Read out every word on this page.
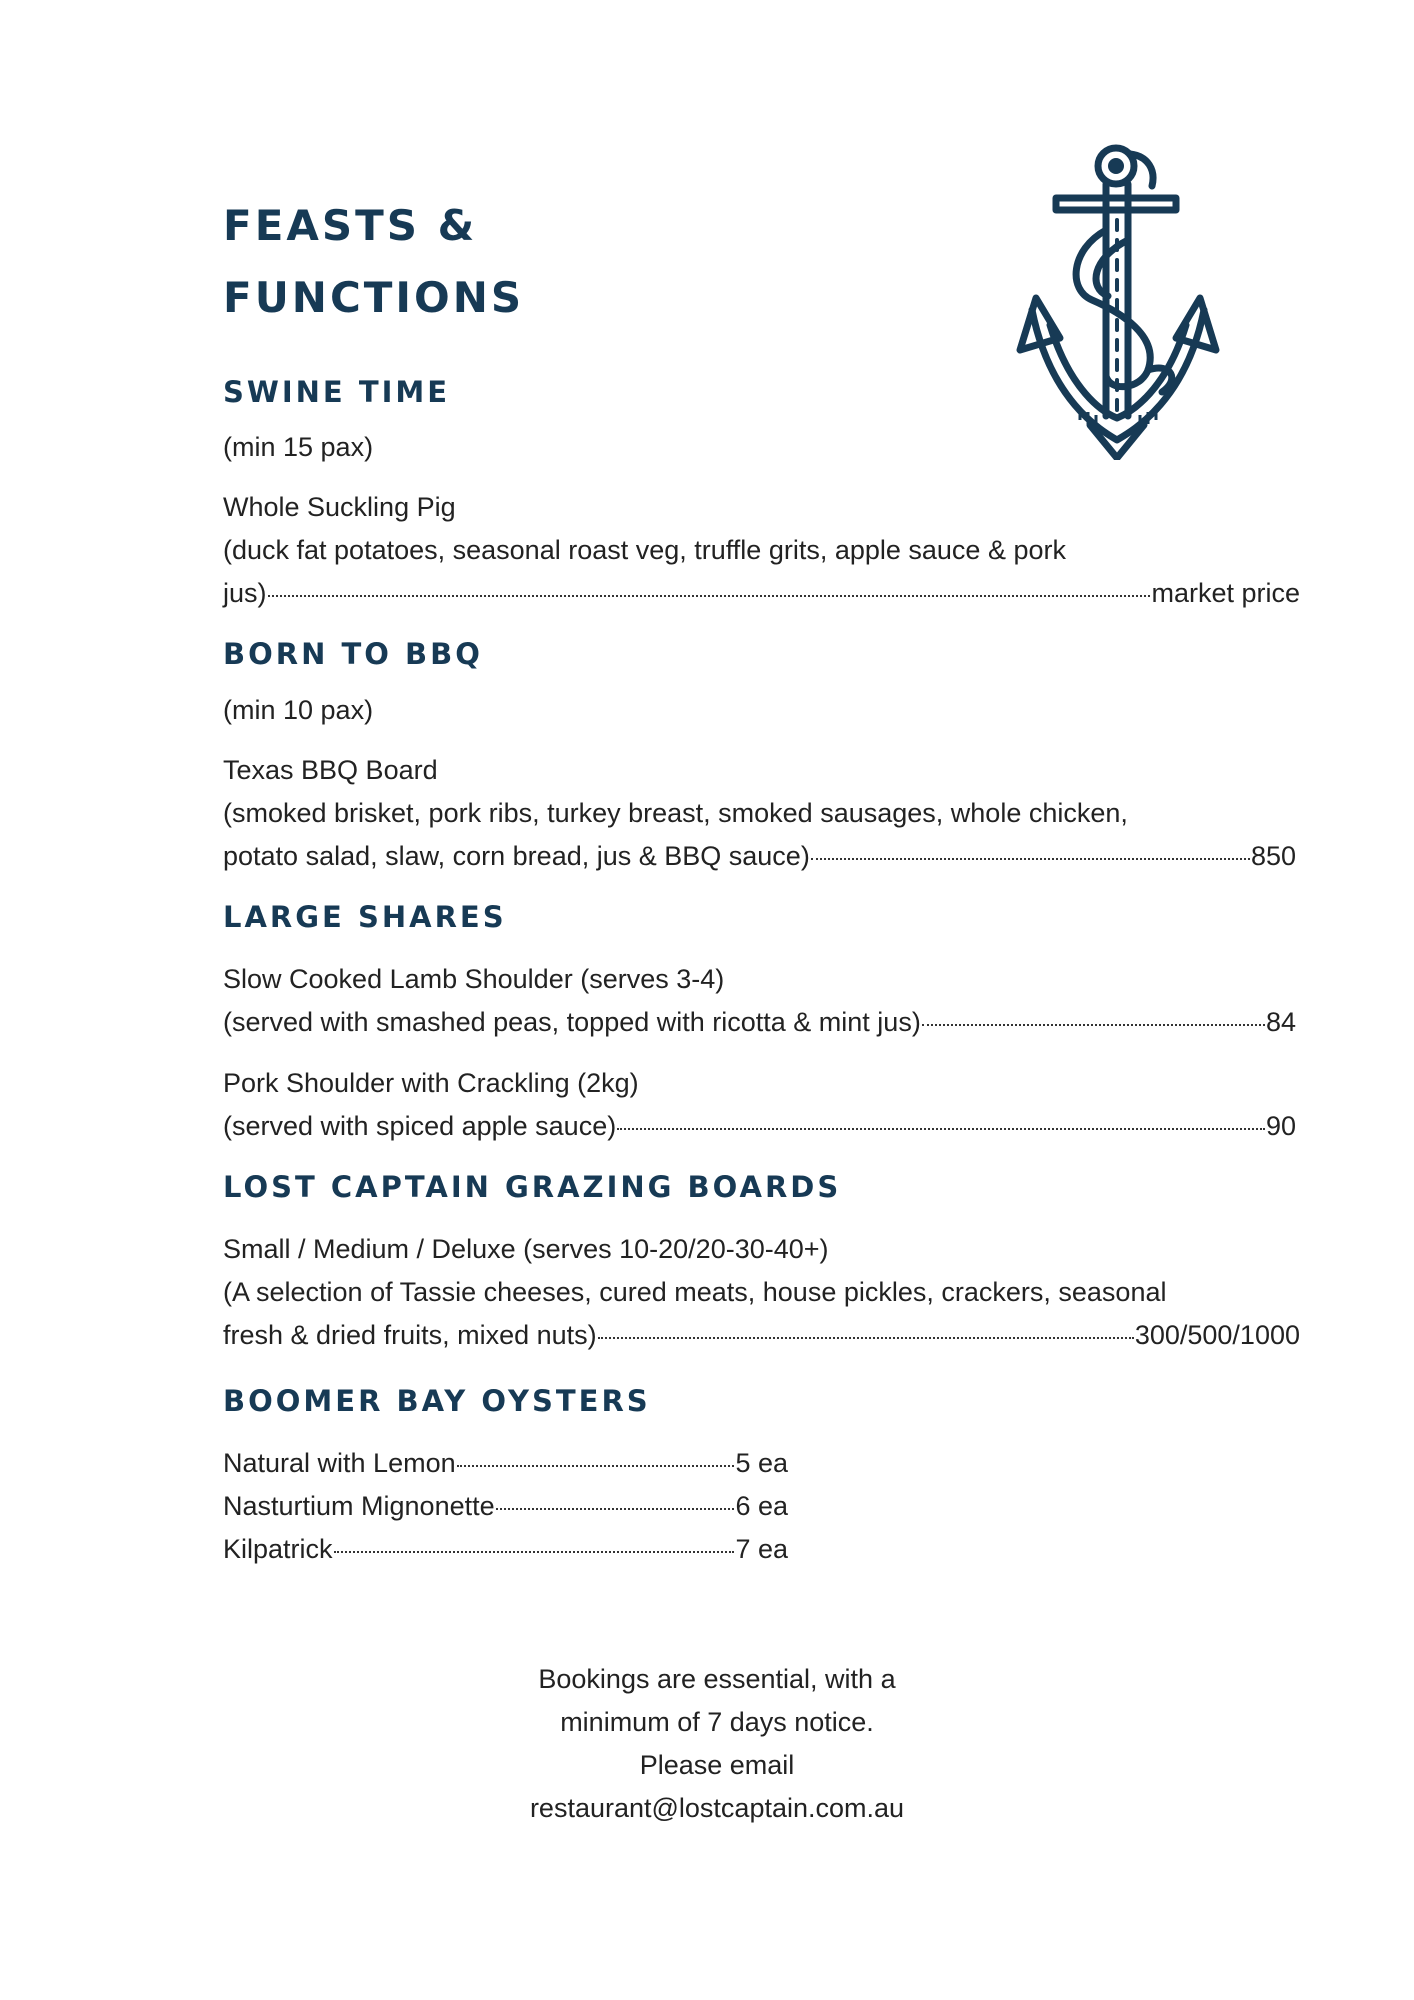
FEASTS &
FUNCTIONS
SWINE TIME

(min 15 pax)

Whole Suckling Pig

(duck fat potatoes, seasonal roast veg, truffle grits, apple sauce & pork

jus)	market price
BORN TO BBQ

(min 10 pax)

Texas BBQ Board

(smoked brisket, pork ribs, turkey breast, smoked sausages, whole chicken,

potato salad, slaw, corn bread, jus & BBQ sauce)	850
LARGE SHARES

Slow Cooked Lamb Shoulder (serves 3-4)

(served with smashed peas, topped with ricotta & mint jus)	84

Pork Shoulder with Crackling (2kg)

(served with spiced apple sauce)	90
LOST CAPTAIN GRAZING BOARDS

Small / Medium / Deluxe (serves 10-20/20-30-40+)

(A selection of Tassie cheeses, cured meats, house pickles, crackers, seasonal

fresh & dried fruits, mixed nuts)	300/500/1000
BOOMER BAY OYSTERS
Natural with Lemon	5 ea
Nasturtium Mignonette	6 ea
Kilpatrick	7 ea
Bookings are essential, with a
minimum of 7 days notice.
Please email
restaurant@lostcaptain.com.au
